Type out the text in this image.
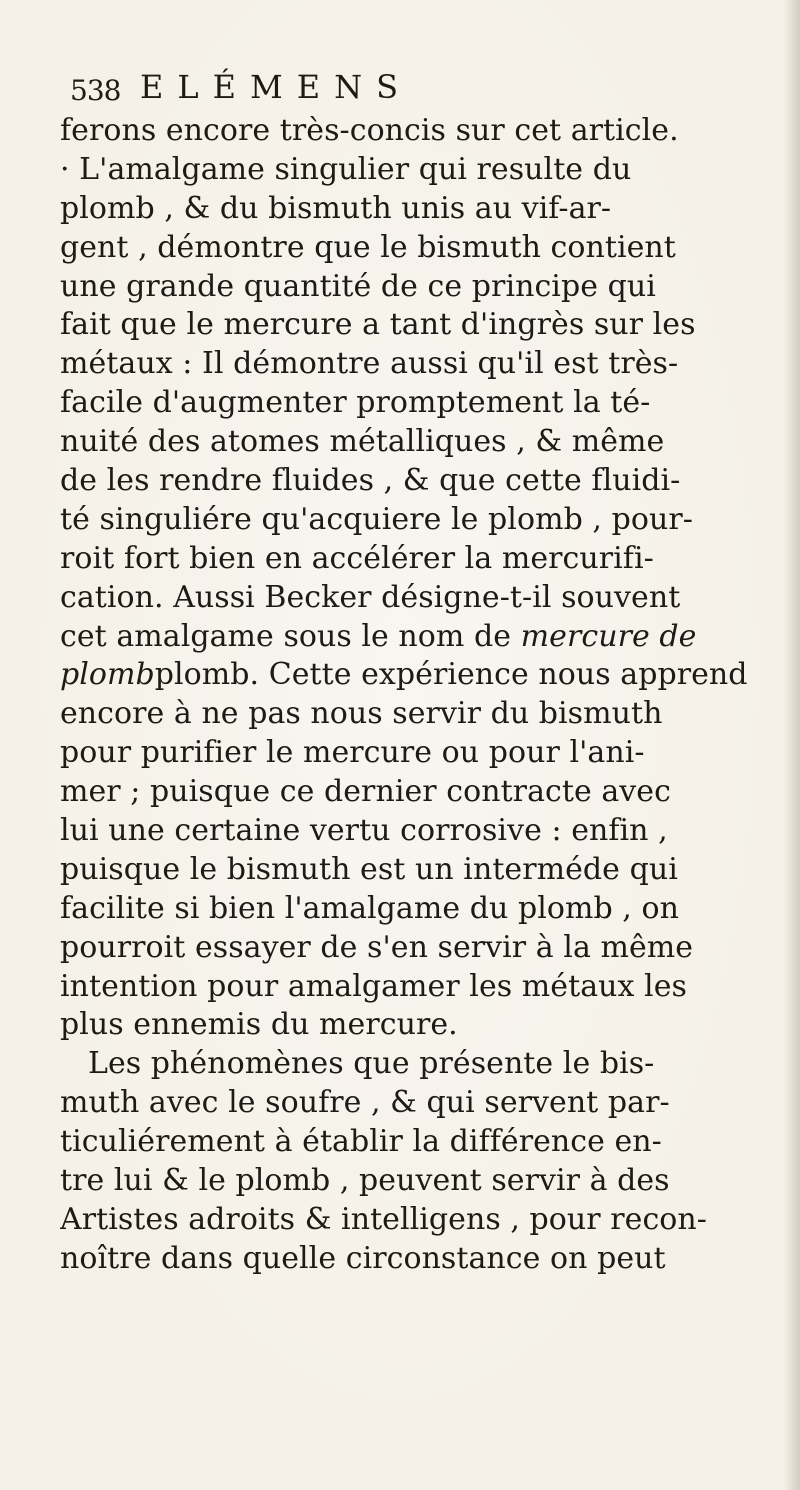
538 ELÉMENS
ferons encore très-concis sur cet article.
· L'amalgame singulier qui resulte du
plomb , & du bismuth unis au vif-ar-
gent , démontre que le bismuth contient
une grande quantité de ce principe qui
fait que le mercure a tant d'ingrès sur les
métaux : Il démontre aussi qu'il est très-
facile d'augmenter promptement la té-
nuité des atomes métalliques , & même
de les rendre fluides , & que cette fluidi-
té singuliére qu'acquiere le plomb , pour-
roit fort bien en accélérer la mercurifi-
cation. Aussi Becker désigne-t-il souvent
cet amalgame sous le nom de mercure de
plombplomb. Cette expérience nous apprend
encore à ne pas nous servir du bismuth
pour purifier le mercure ou pour l'ani-
mer ; puisque ce dernier contracte avec
lui une certaine vertu corrosive : enfin ,
puisque le bismuth est un interméde qui
facilite si bien l'amalgame du plomb , on
pourroit essayer de s'en servir à la même
intention pour amalgamer les métaux les
plus ennemis du mercure.
Les phénomènes que présente le bis-
muth avec le soufre , & qui servent par-
ticuliérement à établir la différence en-
tre lui & le plomb , peuvent servir à des
Artistes adroits & intelligens , pour recon-
noître dans quelle circonstance on peut
